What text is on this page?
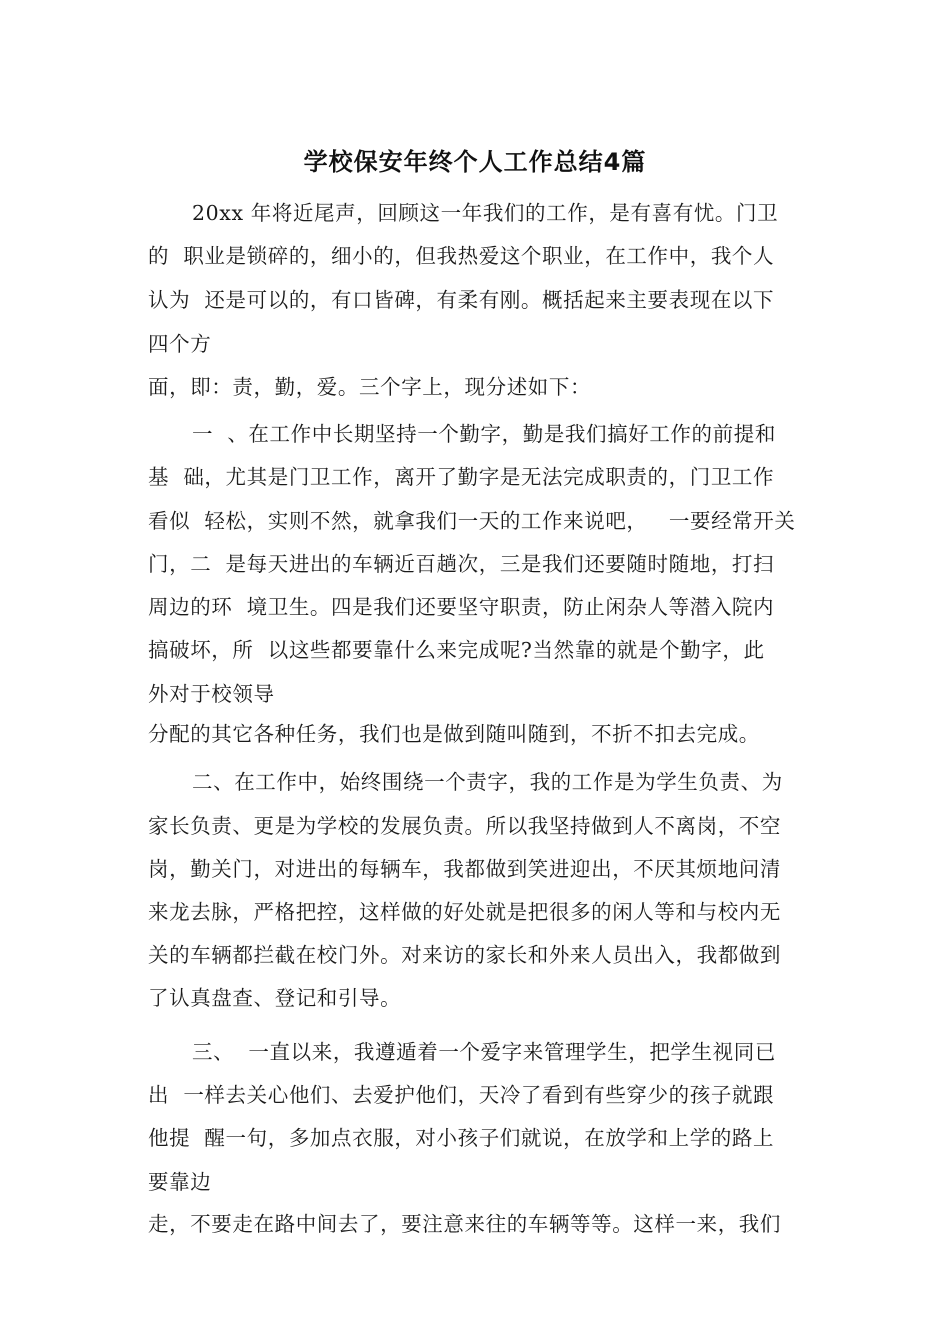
学校保安年终个人工作总结4篇
20xx 年将近尾声，回顾这一年我们的工作，是有喜有忧。门卫
的  职业是锁碎的，细小的，但我热爱这个职业，在工作中，我个人
认为  还是可以的，有口皆碑，有柔有刚。概括起来主要表现在以下
四个方
面，即：责，勤，爱。三个字上，现分述如下：
一  、在工作中长期坚持一个勤字，勤是我们搞好工作的前提和
基  础，尤其是门卫工作，离开了勤字是无法完成职责的，门卫工作
看似  轻松，实则不然，就拿我们一天的工作来说吧，   一要经常开关
门，二  是每天进出的车辆近百趟次，三是我们还要随时随地，打扫
周边的环  境卫生。四是我们还要坚守职责，防止闲杂人等潜入院内
搞破坏，所  以这些都要靠什么来完成呢?当然靠的就是个勤字，此
外对于校领导
分配的其它各种任务，我们也是做到随叫随到，不折不扣去完成。
二、在工作中，始终围绕一个责字，我的工作是为学生负责、为
家长负责、更是为学校的发展负责。所以我坚持做到人不离岗，不空
岗，勤关门，对进出的每辆车，我都做到笑进迎出，不厌其烦地问清
来龙去脉，严格把控，这样做的好处就是把很多的闲人等和与校内无
关的车辆都拦截在校门外。对来访的家长和外来人员出入，我都做到
了认真盘查、登记和引导。
三、  一直以来，我遵遁着一个爱字来管理学生，把学生视同已
出  一样去关心他们、去爱护他们，天冷了看到有些穿少的孩子就跟
他提  醒一句，多加点衣服，对小孩子们就说，在放学和上学的路上
要靠边
走，不要走在路中间去了，要注意来往的车辆等等。这样一来，我们
